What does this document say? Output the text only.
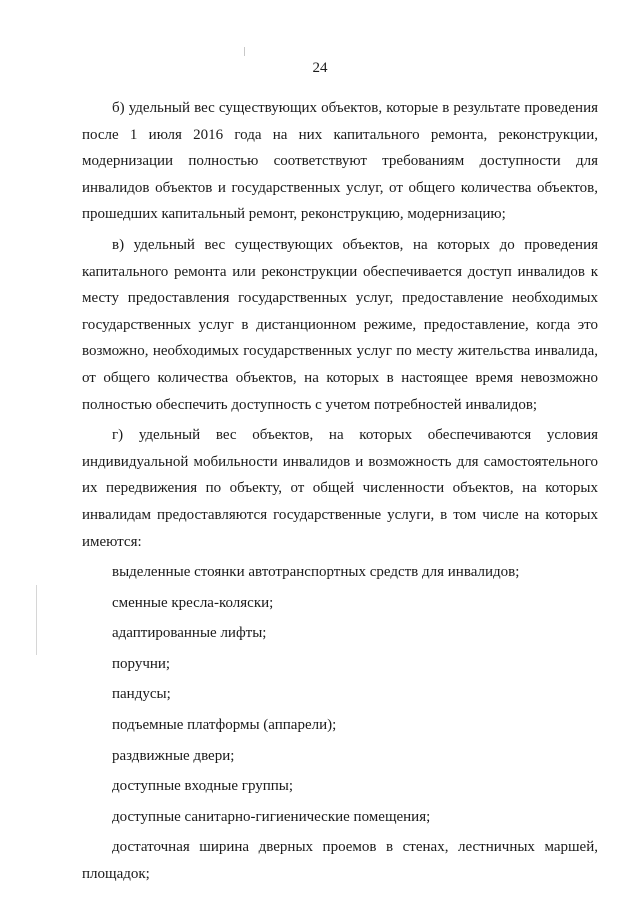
24

б) удельный вес существующих объектов, которые в результате проведения после 1 июля 2016 года на них капитального ремонта, реконструкции, модернизации полностью соответствуют требованиям доступности для инвалидов объектов и государственных услуг, от общего количества объектов, прошедших капитальный ремонт, реконструкцию, модернизацию;

в) удельный вес существующих объектов, на которых до проведения капитального ремонта или реконструкции обеспечивается доступ инвалидов к месту предоставления государственных услуг, предоставление необходимых государственных услуг в дистанционном режиме, предоставление, когда это возможно, необходимых государственных услуг по месту жительства инвалида, от общего количества объектов, на которых в настоящее время невозможно полностью обеспечить доступность с учетом потребностей инвалидов;

г) удельный вес объектов, на которых обеспечиваются условия индивидуальной мобильности инвалидов и возможность для самостоятельного их передвижения по объекту, от общей численности объектов, на которых инвалидам предоставляются государственные услуги, в том числе на которых имеются:

выделенные стоянки автотранспортных средств для инвалидов;

сменные кресла-коляски;

адаптированные лифты;

поручни;

пандусы;

подъемные платформы (аппарели);

раздвижные двери;

доступные входные группы;

доступные санитарно-гигиенические помещения;

достаточная ширина дверных проемов в стенах, лестничных маршей, площадок;
